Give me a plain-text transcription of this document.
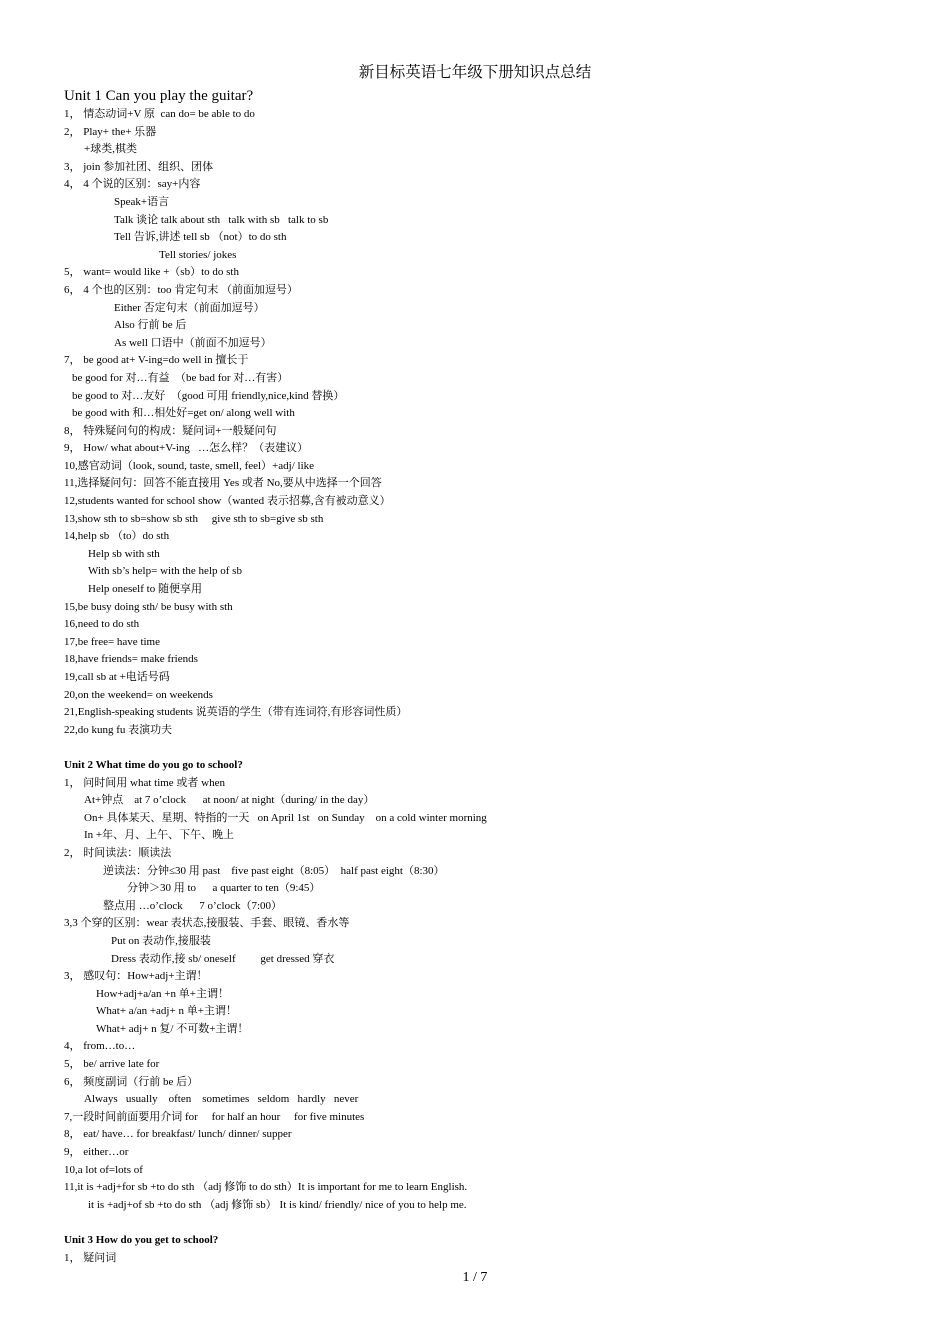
新目标英语七年级下册知识点总结
Unit 1 Can you play the guitar?
1， 情态动词+V 原  can do= be able to do
2， Play+ the+ 乐器
+球类,棋类
3， join 参加社团、组织、团体
4， 4 个说的区别：say+内容
Speak+语言
Talk 谈论 talk about sth   talk with sb   talk to sb
Tell 告诉,讲述 tell sb （not）to do sth
Tell stories/ jokes
5， want= would like +（sb）to do sth
6， 4 个也的区别：too 肯定句末 （前面加逗号）
Either 否定句末（前面加逗号）
Also 行前 be 后
As well 口语中（前面不加逗号）
7， be good at+ V-ing=do well in 擅长于
be good for 对…有益  （be bad for 对…有害）
be good to 对…友好  （good 可用 friendly,nice,kind 替换）
be good with 和…相处好=get on/ along well with
8， 特殊疑问句的构成：疑问词+一般疑问句
9， How/ what about+V-ing   …怎么样？（表建议）
10,感官动词（look, sound, taste, smell, feel）+adj/ like
11,选择疑问句：回答不能直接用 Yes 或者 No,要从中选择一个回答
12,students wanted for school show（wanted 表示招募,含有被动意义）
13,show sth to sb=show sb sth     give sth to sb=give sb sth
14,help sb （to）do sth
Help sb with sth
With sb’s help= with the help of sb
Help oneself to 随便享用
15,be busy doing sth/ be busy with sth
16,need to do sth
17,be free= have time
18,have friends= make friends
19,call sb at +电话号码
20,on the weekend= on weekends
21,English-speaking students 说英语的学生（带有连词符,有形容词性质）
22,do kung fu 表演功夫
Unit 2 What time do you go to school?
1， 问时间用 what time 或者 when
At+钟点    at 7 o’clock      at noon/ at night（during/ in the day）
On+ 具体某天、星期、特指的一天   on April 1st   on Sunday    on a cold winter morning
In +年、月、上午、下午、晚上
2， 时间读法：顺读法
逆读法：分钟≤30 用 past    five past eight（8:05）  half past eight（8:30）
分钟＞30 用 to      a quarter to ten（9:45）
整点用 …o’clock      7 o’clock（7:00）
3,3 个穿的区别：wear 表状态,接服装、手套、眼镜、香水等
Put on 表动作,接服装
Dress 表动作,接 sb/ oneself         get dressed 穿衣
3， 感叹句：How+adj+主谓！
How+adj+a/an +n 单+主谓！
What+ a/an +adj+ n 单+主谓！
What+ adj+ n 复/ 不可数+主谓！
4， from…to…
5， be/ arrive late for
6， 频度副词（行前 be 后）
Always   usually    often    sometimes   seldom   hardly   never
7,一段时间前面要用介词 for     for half an hour     for five minutes
8， eat/ have… for breakfast/ lunch/ dinner/ supper
9， either…or
10,a lot of=lots of
11,it is +adj+for sb +to do sth （adj 修饰 to do sth）It is important for me to learn English.
it is +adj+of sb +to do sth （adj 修饰 sb） It is kind/ friendly/ nice of you to help me.
Unit 3 How do you get to school?
1， 疑问词
1 / 7
